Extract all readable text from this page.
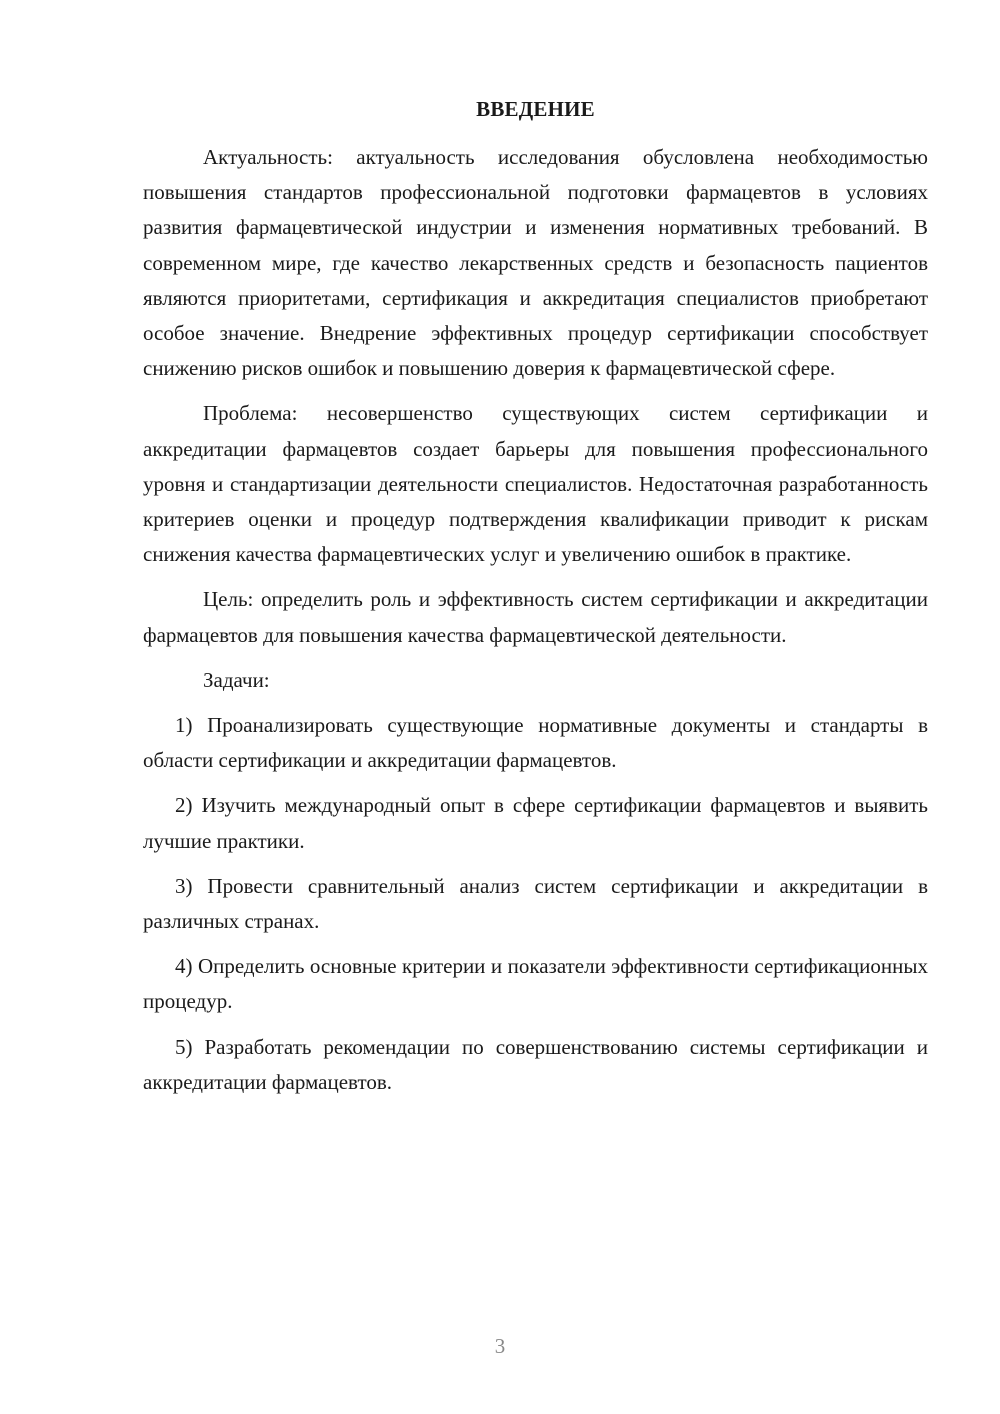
ВВЕДЕНИЕ

Актуальность: актуальность исследования обусловлена необходимостью повышения стандартов профессиональной подготовки фармацевтов в условиях развития фармацевтической индустрии и изменения нормативных требований. В современном мире, где качество лекарственных средств и безопасность пациентов являются приоритетами, сертификация и аккредитация специалистов приобретают особое значение. Внедрение эффективных процедур сертификации способствует снижению рисков ошибок и повышению доверия к фармацевтической сфере.

Проблема: несовершенство существующих систем сертификации и аккредитации фармацевтов создает барьеры для повышения профессионального уровня и стандартизации деятельности специалистов. Недостаточная разработанность критериев оценки и процедур подтверждения квалификации приводит к рискам снижения качества фармацевтических услуг и увеличению ошибок в практике.

Цель: определить роль и эффективность систем сертификации и аккредитации фармацевтов для повышения качества фармацевтической деятельности.

Задачи:

1) Проанализировать существующие нормативные документы и стандарты в области сертификации и аккредитации фармацевтов.

2) Изучить международный опыт в сфере сертификации фармацевтов и выявить лучшие практики.

3) Провести сравнительный анализ систем сертификации и аккредитации в различных странах.

4) Определить основные критерии и показатели эффективности сертификационных процедур.

5) Разработать рекомендации по совершенствованию системы сертификации и аккредитации фармацевтов.

3
